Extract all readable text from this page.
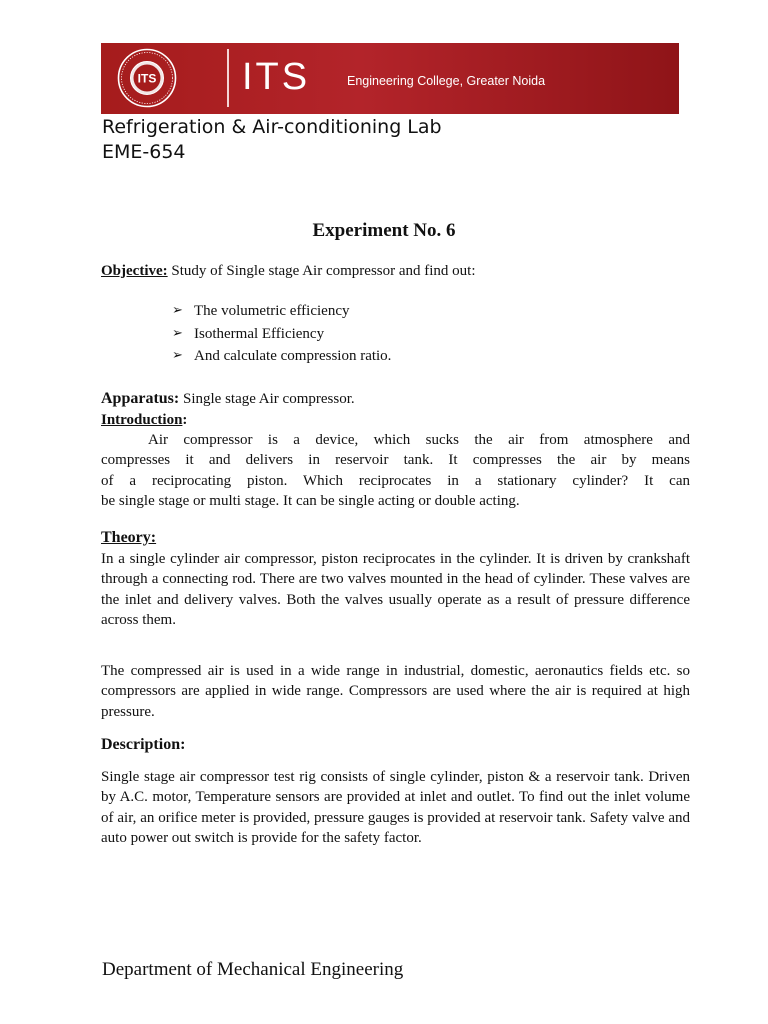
ITS ITS	Engineering College, Greater Noida
Refrigeration & Air-conditioning Lab
EME-654
Experiment No. 6
Objective: Study of Single stage Air compressor and find out:
➢ The volumetric efficiency
➢ Isothermal Efficiency
➢ And calculate compression ratio.
Apparatus: Single stage Air compressor.
Introduction:
Air compressor is a device, which sucks the air from atmosphere and
compresses it and delivers in reservoir tank. It compresses the air by means
of a reciprocating piston. Which reciprocates in a stationary cylinder? It can
be single stage or multi stage. It can be single acting or double acting.
Theory:
In a single cylinder air compressor, piston reciprocates in the cylinder. It is driven by crankshaft through a connecting rod. There are two valves mounted in the head of cylinder. These valves are the inlet and delivery valves. Both the valves usually operate as a result of pressure difference across them.
The compressed air is used in a wide range in industrial, domestic, aeronautics fields etc. so compressors are applied in wide range. Compressors are used where the air is required at high pressure.
Description:
Single stage air compressor test rig consists of single cylinder, piston & a reservoir tank. Driven by A.C. motor, Temperature sensors are provided at inlet and outlet. To find out the inlet volume of air, an orifice meter is provided, pressure gauges is provided at reservoir tank. Safety valve and auto power out switch is provide for the safety factor.
Department of Mechanical Engineering
